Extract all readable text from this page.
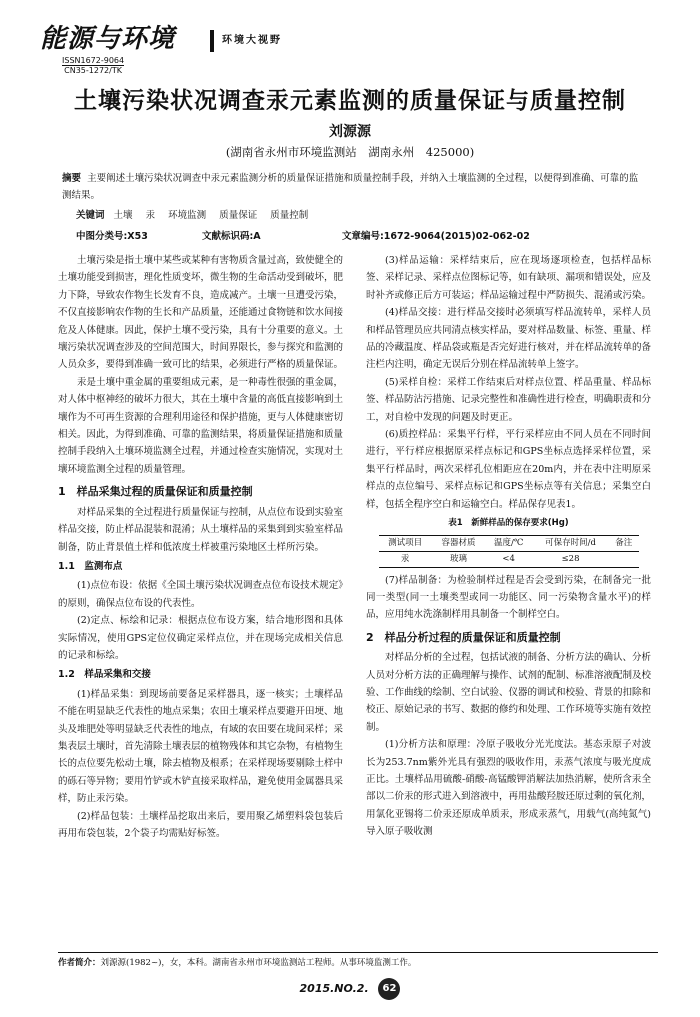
能源与环境
ISSN1672-9064
CN35-1272/TK
环境大视野
土壤污染状况调查汞元素监测的质量保证与质量控制
刘源源
(湖南省永州市环境监测站　湖南永州　425000)
摘要 主要阐述土壤污染状况调查中汞元素监测分析的质量保证措施和质量控制手段，并纳入土壤监测的全过程，以便得到准确、可靠的监测结果。
关键词 土壤 汞 环境监测 质量保证 质量控制
中图分类号:X53	文献标识码:A	文章编号:1672-9064(2015)02-062-02

土壤污染是指土壤中某些或某种有害物质含量过高，致使健全的土壤功能受到损害，理化性质变坏，微生物的生命活动受到破坏，肥力下降，导致农作物生长发育不良，造成减产。土壤一旦遭受污染，不仅直接影响农作物的生长和产品质量，还能通过食物链和饮水间接危及人体健康。因此，保护土壤不受污染，具有十分重要的意义。土壤污染状况调查涉及的空间范围大，时间界限长，参与探究和监测的人员众多，要得到准确一致可比的结果，必须进行严格的质量保证。

汞是土壤中重金属的重要组成元素，是一种毒性很强的重金属，对人体中枢神经的破坏力很大，其在土壤中含量的高低直接影响到土壤作为不可再生资源的合理利用途径和保护措施，更与人体健康密切相关。因此，为得到准确、可靠的监测结果，将质量保证措施和质量控制手段纳入土壤环境监测全过程，并通过检查实施情况，实现对土壤环境监测全过程的质量管理。

1　样品采集过程的质量保证和质量控制

对样品采集的全过程进行质量保证与控制，从点位布设到实验室样品交接，防止样品混装和混淆；从土壤样品的采集到到实验室样品制备，防止背景值土样和低浓度土样被重污染地区土样所污染。

1.1　监测布点

(1)点位布设：依据《全国土壤污染状况调查点位布设技术规定》的原则，确保点位布设的代表性。

(2)定点、标绘和记录：根据点位布设方案，结合地形图和具体实际情况，使用GPS定位仪确定采样点位，并在现场完成相关信息的记录和标绘。

1.2　样品采集和交接

(1)样品采集：到现场前要备足采样器具，逐一核实；土壤样品不能在明显缺乏代表性的地点采集；农田土壤采样点要避开田埂、地头及堆肥处等明显缺乏代表性的地点，有域的农田要在垅间采样；采集表层土壤时，首先清除土壤表层的植物残体和其它杂物，有植物生长的点位要先松动土壤，除去植物及根系；在采样现场要剔除土样中的砾石等异物；要用竹铲或木铲直接采取样品，避免使用金属器具采样，防止汞污染。

(2)样品包装：土壤样品挖取出来后，要用聚乙烯塑料袋包装后再用布袋包装，2个袋子均需贴好标签。

(3)样品运输：采样结束后，应在现场逐项检查，包括样品标签、采样记录、采样点位图标记等，如有缺项、漏项和错误处，应及时补齐或修正后方可装运；样品运输过程中严防损失、混淆或污染。

(4)样品交接：进行样品交接时必须填写样品流转单，采样人员和样品管理员应共同清点核实样品，要对样品数量、标签、重量、样品的冷藏温度、样品袋或瓶是否完好进行核对，并在样品流转单的备注栏内注明，确定无误后分别在样品流转单上签字。

(5)采样自检：采样工作结束后对样点位置、样品重量、样品标签、样品防沾污措施、记录完整性和准确性进行检查，明确职责和分工，对自检中发现的问题及时更正。

(6)质控样品：采集平行样，平行采样应由不同人员在不同时间进行，平行样应根据原采样点标记和GPS坐标点选择采样位置，采集平行样品时，两次采样孔位相距应在20m内，并在表中注明原采样点的点位编号、采样点标记和GPS坐标点等有关信息；采集空白样，包括全程序空白和运输空白。样品保存见表1。

表1　新鲜样品的保存要求(Hg)
测试项目	容器材质	温度/℃	可保存时间/d	备注
汞	玻璃	<4	≤28	

(7)样品制备：为检验制样过程是否会受到污染，在制备完一批同一类型(同一土壤类型或同一功能区、同一污染物含量水平)的样品，应用纯水洗涤制样用具制备一个制样空白。

2　样品分析过程的质量保证和质量控制

对样品分析的全过程，包括试液的制备、分析方法的确认、分析人员对分析方法的正确理解与操作、试剂的配制、标准溶液配制及校验、工作曲线的绘制、空白试验、仪器的调试和校验、背景的扣除和校正、原始记录的书写、数据的修约和处理、工作环境等实施有效控制。

(1)分析方法和原理：冷原子吸收分光光度法。基态汞原子对波长为253.7nm紫外光具有强烈的吸收作用，汞蒸气浓度与吸光度成正比。土壤样品用硫酸-硝酸-高锰酸钾消解法加热消解，使所含汞全部以二价汞的形式进入到溶液中，再用盐酸羟胺还原过剩的氧化剂，用氯化亚锡将二价汞还原成单质汞，形成汞蒸气，用载气(高纯氮气)导入原子吸收测

作者简介：刘源源(1982~)，女，本科。湖南省永州市环境监测站工程师。从事环境监测工作。
2015.NO.2. 62
